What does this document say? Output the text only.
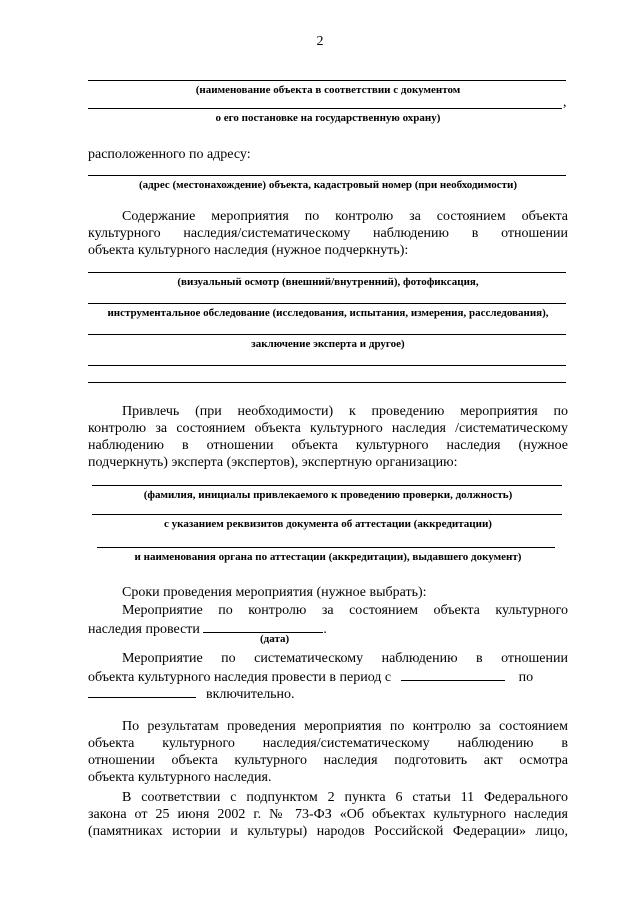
2
(наименование объекта в соответствии с документом
,
о его постановке на государственную охрану)
расположенного по адресу:
(адрес (местонахождение) объекта, кадастровый номер (при необходимости)
Содержание мероприятия по контролю за состоянием объекта
культурного наследия/систематическому наблюдению в отношении
объекта культурного наследия (нужное подчеркнуть):
(визуальный осмотр (внешний/внутренний), фотофиксация,
инструментальное обследование (исследования, испытания, измерения, расследования),
заключение эксперта и другое)
Привлечь (при необходимости) к проведению мероприятия по
контролю за состоянием объекта культурного наследия /систематическому
наблюдению в отношении объекта культурного наследия (нужное
подчеркнуть) эксперта (экспертов), экспертную организацию:
(фамилия, инициалы привлекаемого к проведению проверки, должность)
с указанием реквизитов документа об аттестации (аккредитации)
и наименования органа по аттестации (аккредитации), выдавшего документ)
Сроки проведения мероприятия (нужное выбрать):
Мероприятие по контролю за состоянием объекта культурного
наследия провести	.
(дата)
Мероприятие по систематическому наблюдению в отношении
объекта культурного наследия провести в период с	по
включительно.
По результатам проведения мероприятия по контролю за состоянием
объекта культурного наследия/систематическому наблюдению в
отношении объекта культурного наследия подготовить акт осмотра
объекта культурного наследия.
В соответствии с подпунктом 2 пункта 6 статьи 11 Федерального
закона от 25 июня 2002 г. № 73-ФЗ «Об объектах культурного наследия
(памятниках истории и культуры) народов Российской Федерации» лицо,
